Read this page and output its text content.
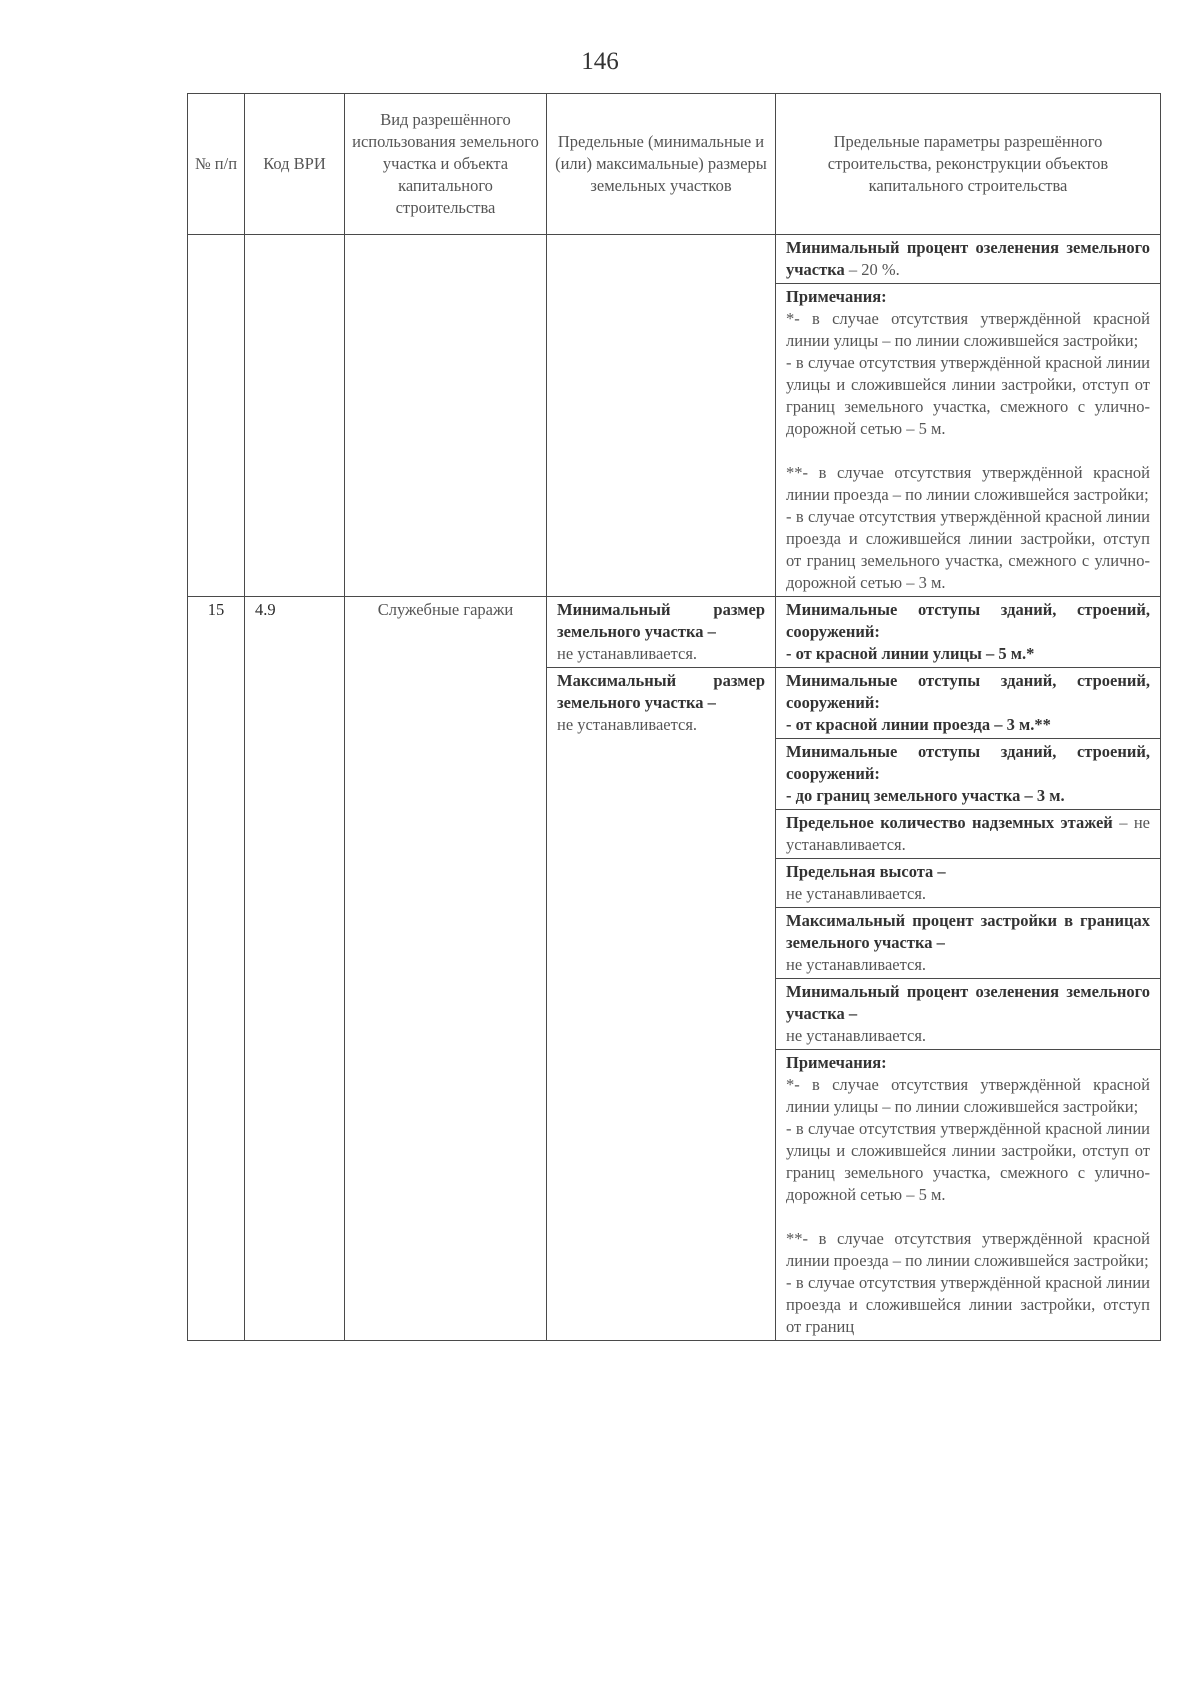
146
№ п/п	Код ВРИ	Вид разрешённого использования земельного участка и объекта капитального строительства	Предельные (минимальные и (или) максимальные) размеры земельных участков	Предельные параметры разрешённого строительства, реконструкции объектов капитального строительства
				Минимальный процент озеленения земельного участка – 20 %.

				Примечания:

*- в случае отсутствия утверждённой красной линии улицы – по линии сложившейся застройки;

- в случае отсутствия утверждённой красной линии улицы и сложившейся линии застройки, отступ от границ земельного участка, смежного с улично-дорожной сетью – 5 м.

**- в случае отсутствия утверждённой красной линии проезда – по линии сложившейся застройки;

- в случае отсутствия утверждённой красной линии проезда и сложившейся линии застройки, отступ от границ земельного участка, смежного с улично-дорожной сетью – 3 м.

15	4.9	Служебные гаражи	Минимальный размер земельного участка –
не устанавливается.	Минимальные отступы зданий, строений, сооружений:
- от красной линии улицы – 5 м.*
			Максимальный размер земельного участка –
не устанавливается.	Минимальные отступы зданий, строений, сооружений:
- от красной линии проезда – 3 м.**
				Минимальные отступы зданий, строений, сооружений:
- до границ земельного участка – 3 м.
				Предельное количество надземных этажей – не устанавливается.
				Предельная высота –
не устанавливается.
				Максимальный процент застройки в границах земельного участка –
не устанавливается.
				Минимальный процент озеленения земельного участка –
не устанавливается.

				Примечания:

*- в случае отсутствия утверждённой красной линии улицы – по линии сложившейся застройки;

- в случае отсутствия утверждённой красной линии улицы и сложившейся линии застройки, отступ от границ земельного участка, смежного с улично-дорожной сетью – 5 м.

**- в случае отсутствия утверждённой красной линии проезда – по линии сложившейся застройки;

- в случае отсутствия утверждённой красной линии проезда и сложившейся линии застройки, отступ от границ
